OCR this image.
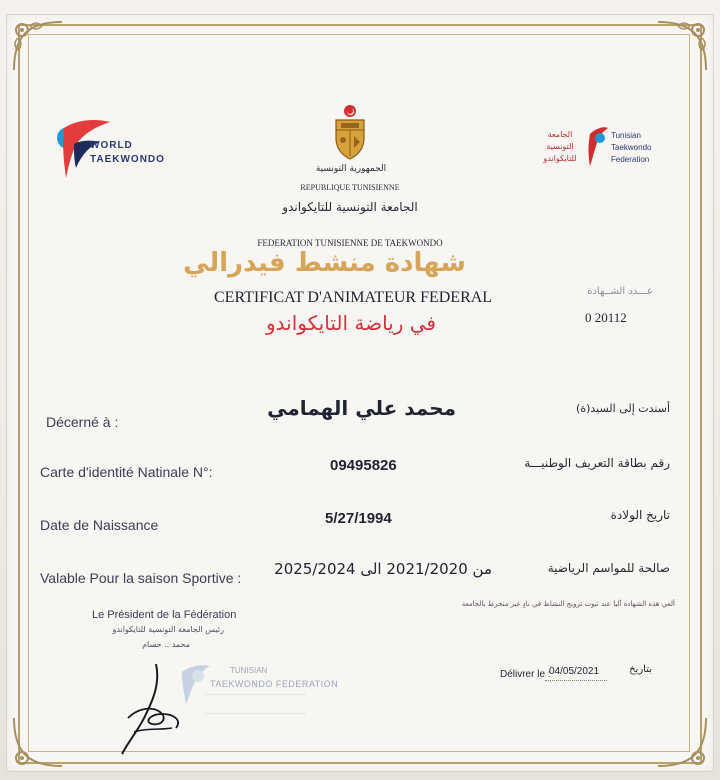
WORLD
TAEKWONDO
الجمهورية التونسية
REPUBLIQUE TUNISIENNE
الجامعة التونسية للتايكواندو
FEDERATION TUNISIENNE DE TAEKWONDO
الجامعة
التونسية
للتايكواندو
Tunisian
Taekwondo
Federation
شهادة منشط فيدرالي
CERTIFICAT D'ANIMATEUR FEDERAL
في رياضة التايكواندو
عـــدد الشــهادة
0 20112
Décerné à :
محمد علي الهمامي	أسندت إلى السيد(ة)
Carte d'identité Natinale N°:	09495826	رقم بطاقة التعريف الوطنيـــة
Date de Naissance	5/27/1994	تاريخ الولادة
Valable Pour la saison Sportive : من 2021/2020 الى 2025/2024	صالحة للمواسم الرياضية
ألغي هذه الشهادة آليا عند ثبوت ترويج النشاط في نادٍ غير منخرط بالجامعة
Le Président de la Fédération
رئيس الجامعة التونسية للتايكواندو
محمد .. حسام
TUNISIAN
TAEKWONDO FEDERATION
Délivrer le :
04/05/2021	بتاريخ
